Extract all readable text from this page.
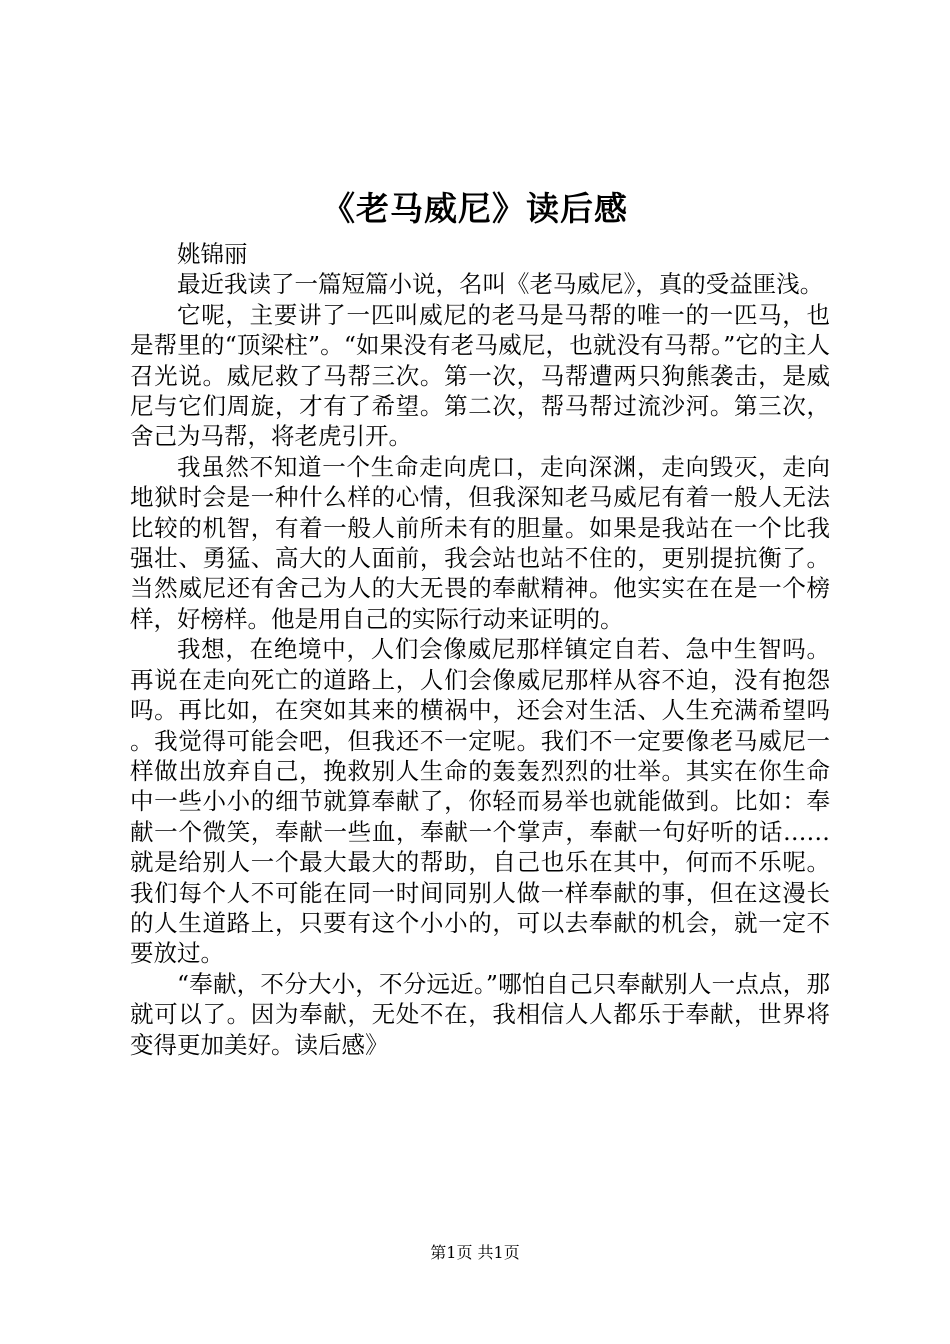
《老马威尼》读后感

姚锦丽

最近我读了一篇短篇小说，名叫《老马威尼》，真的受益匪浅。

它呢，主要讲了一匹叫威尼的老马是马帮的唯一的一匹马，也是帮里的“顶梁柱”。“如果没有老马威尼，也就没有马帮。”它的主人召光说。威尼救了马帮三次。第一次，马帮遭两只狗熊袭击，是威尼与它们周旋，才有了希望。第二次，帮马帮过流沙河。第三次，舍己为马帮，将老虎引开。

我虽然不知道一个生命走向虎口，走向深渊，走向毁灭，走向地狱时会是一种什么样的心情，但我深知老马威尼有着一般人无法比较的机智，有着一般人前所未有的胆量。如果是我站在一个比我强壮、勇猛、高大的人面前，我会站也站不住的，更别提抗衡了。当然威尼还有舍己为人的大无畏的奉献精神。他实实在在是一个榜样，好榜样。他是用自己的实际行动来证明的。

我想，在绝境中，人们会像威尼那样镇定自若、急中生智吗。再说在走向死亡的道路上，人们会像威尼那样从容不迫，没有抱怨吗。再比如，在突如其来的横祸中，还会对生活、人生充满希望吗。我觉得可能会吧，但我还不一定呢。我们不一定要像老马威尼一样做出放弃自己，挽救别人生命的轰轰烈烈的壮举。其实在你生命中一些小小的细节就算奉献了，你轻而易举也就能做到。比如：奉献一个微笑，奉献一些血，奉献一个掌声，奉献一句好听的话……就是给别人一个最大最大的帮助，自己也乐在其中，何而不乐呢。我们每个人不可能在同一时间同别人做一样奉献的事，但在这漫长的人生道路上，只要有这个小小的，可以去奉献的机会，就一定不要放过。

“奉献，不分大小，不分远近。”哪怕自己只奉献别人一点点，那就可以了。因为奉献，无处不在，我相信人人都乐于奉献，世界将变得更加美好。读后感》

第1页 共1页
